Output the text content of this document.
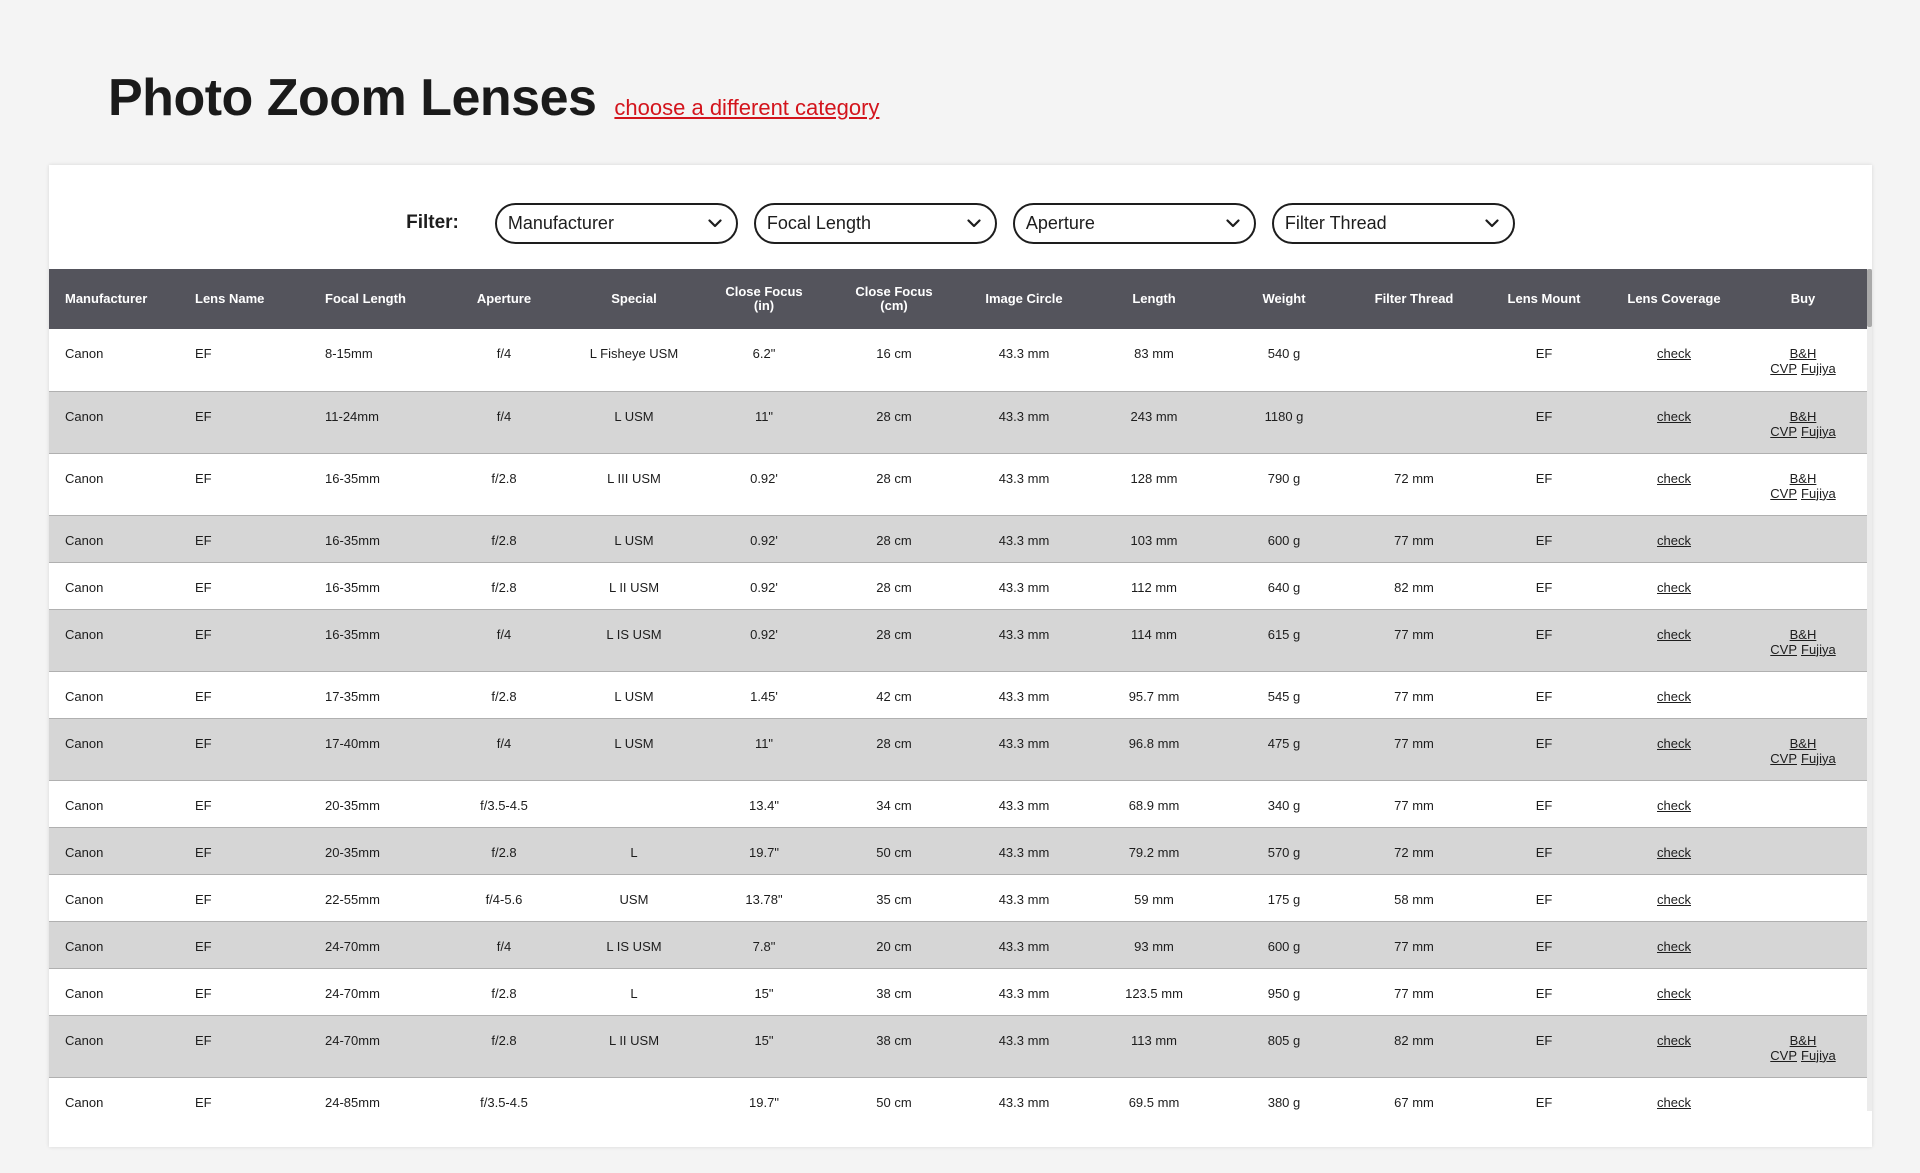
Photo Zoom Lenses choose a different category
Filter:	Manufacturer	Focal Length	Aperture	Filter Thread
Manufacturer	Lens Name	Focal Length	Aperture	Special	Close Focus
(in)	Close Focus
(cm)	Image Circle	Length	Weight	Filter Thread	Lens Mount	Lens Coverage	Buy
Canon	EF	8-15mm	f/4	L Fisheye USM	6.2"	16 cm	43.3 mm	83 mm	540 g		EF	check	B&H
CVP Fujiya

Canon	EF	11-24mm	f/4	L USM	11"	28 cm	43.3 mm	243 mm	1180 g		EF	check	B&H
CVP Fujiya

Canon	EF	16-35mm	f/2.8	L III USM	0.92'	28 cm	43.3 mm	128 mm	790 g	72 mm	EF	check	B&H
CVP Fujiya

Canon	EF	16-35mm	f/2.8	L USM	0.92'	28 cm	43.3 mm	103 mm	600 g	77 mm	EF	check	
Canon	EF	16-35mm	f/2.8	L II USM	0.92'	28 cm	43.3 mm	112 mm	640 g	82 mm	EF	check	
Canon	EF	16-35mm	f/4	L IS USM	0.92'	28 cm	43.3 mm	114 mm	615 g	77 mm	EF	check	B&H
CVP Fujiya

Canon	EF	17-35mm	f/2.8	L USM	1.45'	42 cm	43.3 mm	95.7 mm	545 g	77 mm	EF	check	
Canon	EF	17-40mm	f/4	L USM	11"	28 cm	43.3 mm	96.8 mm	475 g	77 mm	EF	check	B&H
CVP Fujiya

Canon	EF	20-35mm	f/3.5-4.5		13.4"	34 cm	43.3 mm	68.9 mm	340 g	77 mm	EF	check	
Canon	EF	20-35mm	f/2.8	L	19.7"	50 cm	43.3 mm	79.2 mm	570 g	72 mm	EF	check	
Canon	EF	22-55mm	f/4-5.6	USM	13.78"	35 cm	43.3 mm	59 mm	175 g	58 mm	EF	check	
Canon	EF	24-70mm	f/4	L IS USM	7.8"	20 cm	43.3 mm	93 mm	600 g	77 mm	EF	check	
Canon	EF	24-70mm	f/2.8	L	15"	38 cm	43.3 mm	123.5 mm	950 g	77 mm	EF	check	
Canon	EF	24-70mm	f/2.8	L II USM	15"	38 cm	43.3 mm	113 mm	805 g	82 mm	EF	check	B&H
CVP Fujiya

Canon	EF	24-85mm	f/3.5-4.5		19.7"	50 cm	43.3 mm	69.5 mm	380 g	67 mm	EF	check	
